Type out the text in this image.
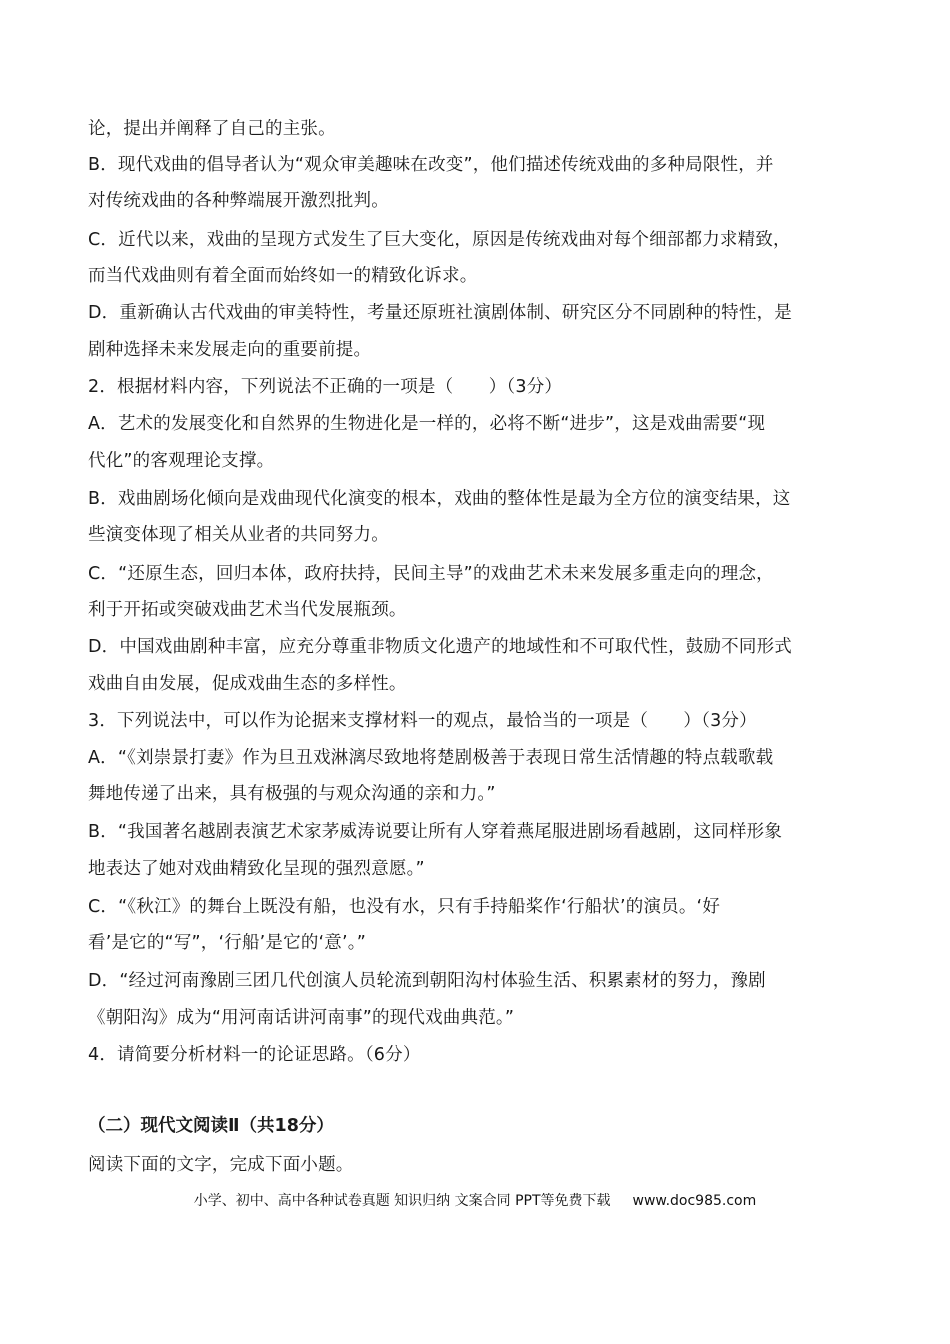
论，提出并阐释了自己的主张。
B．现代戏曲的倡导者认为“观众审美趣味在改变”，他们描述传统戏曲的多种局限性，并
对传统戏曲的各种弊端展开激烈批判。
C．近代以来，戏曲的呈现方式发生了巨大变化，原因是传统戏曲对每个细部都力求精致，
而当代戏曲则有着全面而始终如一的精致化诉求。
D．重新确认古代戏曲的审美特性，考量还原班社演剧体制、研究区分不同剧种的特性，是
剧种选择未来发展走向的重要前提。
2．根据材料内容，下列说法不正确的一项是（　　）（3分）
A．艺术的发展变化和自然界的生物进化是一样的，必将不断“进步”，这是戏曲需要“现
代化”的客观理论支撑。
B．戏曲剧场化倾向是戏曲现代化演变的根本，戏曲的整体性是最为全方位的演变结果，这
些演变体现了相关从业者的共同努力。
C．“还原生态，回归本体，政府扶持，民间主导”的戏曲艺术未来发展多重走向的理念，
利于开拓或突破戏曲艺术当代发展瓶颈。
D．中国戏曲剧种丰富，应充分尊重非物质文化遗产的地域性和不可取代性，鼓励不同形式
戏曲自由发展，促成戏曲生态的多样性。
3．下列说法中，可以作为论据来支撑材料一的观点，最恰当的一项是（　　）（3分）
A．“《刘崇景打妻》作为旦丑戏淋漓尽致地将楚剧极善于表现日常生活情趣的特点载歌载
舞地传递了出来，具有极强的与观众沟通的亲和力。”
B．“我国著名越剧表演艺术家茅威涛说要让所有人穿着燕尾服进剧场看越剧，这同样形象
地表达了她对戏曲精致化呈现的强烈意愿。”
C．“《秋江》的舞台上既没有船，也没有水，只有手持船桨作‘行船状’的演员。‘好
看’是它的“写”，‘行船’是它的‘意’。”
D．“经过河南豫剧三团几代创演人员轮流到朝阳沟村体验生活、积累素材的努力，豫剧
《朝阳沟》成为“用河南话讲河南事”的现代戏曲典范。”
4．请简要分析材料一的论证思路。（6分）
（二）现代文阅读Ⅱ（共18分）
阅读下面的文字，完成下面小题。
小学、初中、高中各种试卷真题 知识归纳 文案合同 PPT等免费下载 www.doc985.com
